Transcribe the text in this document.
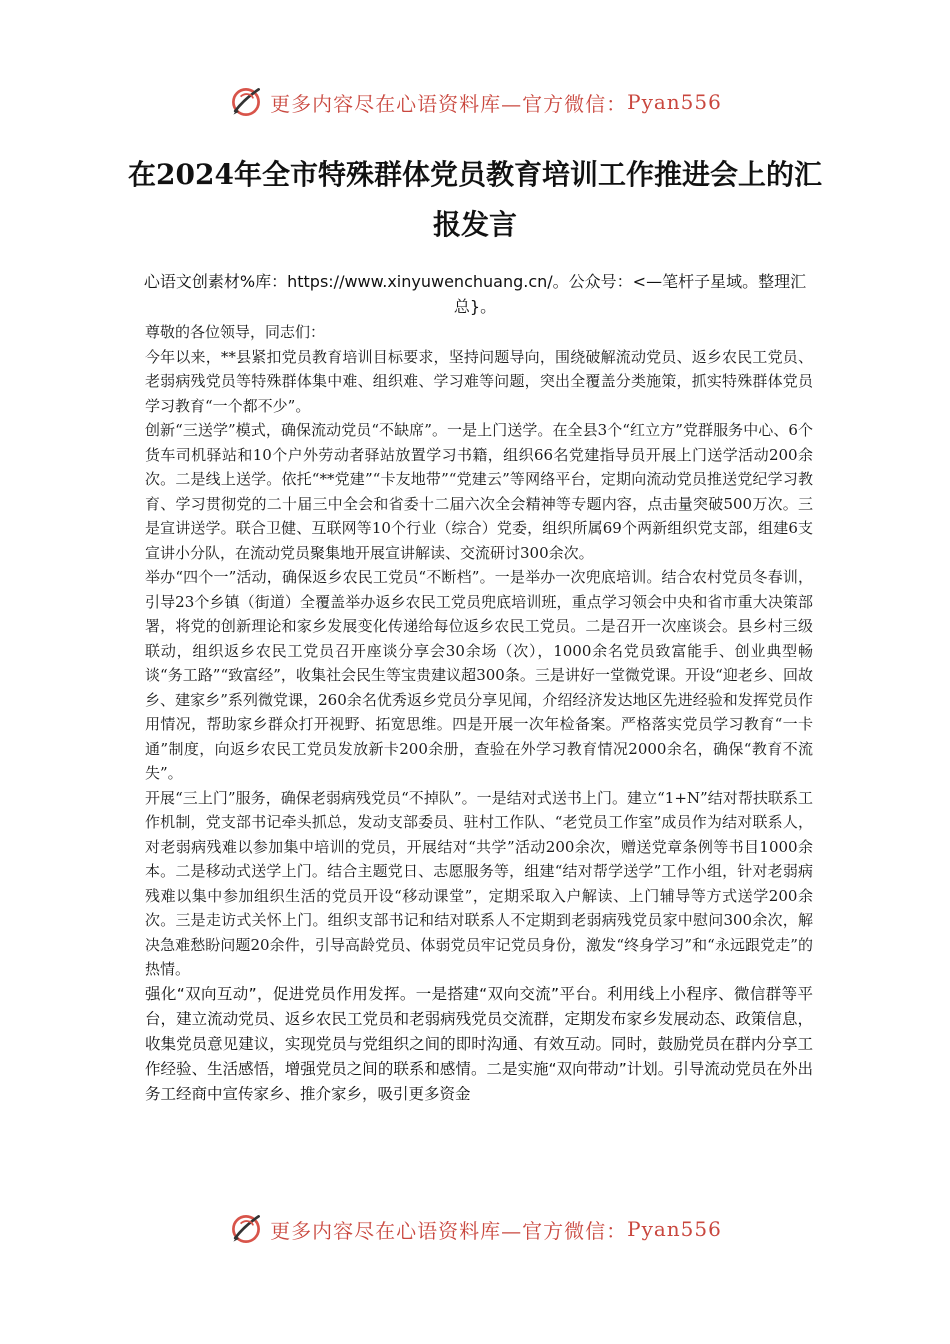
更多内容尽在心语资料库—官方微信： Pyan556
在2024年全市特殊群体党员教育培训工作推进会上的汇报发言
心语文创素材%库：https://www.xinyuwenchuang.cn/。公众号：<—笔杆子星域。整理汇总}。

尊敬的各位领导，同志们：

今年以来，**县紧扣党员教育培训目标要求，坚持问题导向，围绕破解流动党员、返乡农民工党员、老弱病残党员等特殊群体集中难、组织难、学习难等问题，突出全覆盖分类施策，抓实特殊群体党员学习教育“一个都不少”。

创新“三送学”模式，确保流动党员“不缺席”。一是上门送学。在全县3个“红立方”党群服务中心、6个货车司机驿站和10个户外劳动者驿站放置学习书籍，组织66名党建指导员开展上门送学活动200余次。二是线上送学。依托“**党建”“卡友地带”“党建云”等网络平台，定期向流动党员推送党纪学习教育、学习贯彻党的二十届三中全会和省委十二届六次全会精神等专题内容，点击量突破500万次。三是宣讲送学。联合卫健、互联网等10个行业（综合）党委，组织所属69个两新组织党支部，组建6支宣讲小分队，在流动党员聚集地开展宣讲解读、交流研讨300余次。

举办“四个一”活动，确保返乡农民工党员“不断档”。一是举办一次兜底培训。结合农村党员冬春训，引导23个乡镇（街道）全覆盖举办返乡农民工党员兜底培训班，重点学习领会中央和省市重大决策部署，将党的创新理论和家乡发展变化传递给每位返乡农民工党员。二是召开一次座谈会。县乡村三级联动，组织返乡农民工党员召开座谈分享会30余场（次），1000余名党员致富能手、创业典型畅谈“务工路”“致富经”，收集社会民生等宝贵建议超300条。三是讲好一堂微党课。开设“迎老乡、回故乡、建家乡”系列微党课，260余名优秀返乡党员分享见闻，介绍经济发达地区先进经验和发挥党员作用情况，帮助家乡群众打开视野、拓宽思维。四是开展一次年检备案。严格落实党员学习教育“一卡通”制度，向返乡农民工党员发放新卡200余册，查验在外学习教育情况2000余名，确保“教育不流失”。

开展“三上门”服务，确保老弱病残党员“不掉队”。一是结对式送书上门。建立“1+N”结对帮扶联系工作机制，党支部书记牵头抓总，发动支部委员、驻村工作队、“老党员工作室”成员作为结对联系人，对老弱病残难以参加集中培训的党员，开展结对“共学”活动200余次，赠送党章条例等书目1000余本。二是移动式送学上门。结合主题党日、志愿服务等，组建“结对帮学送学”工作小组，针对老弱病残难以集中参加组织生活的党员开设“移动课堂”，定期采取入户解读、上门辅导等方式送学200余次。三是走访式关怀上门。组织支部书记和结对联系人不定期到老弱病残党员家中慰问300余次，解决急难愁盼问题20余件，引导高龄党员、体弱党员牢记党员身份，激发“终身学习”和“永远跟党走”的热情。

强化“双向互动”，促进党员作用发挥。一是搭建“双向交流”平台。利用线上小程序、微信群等平台，建立流动党员、返乡农民工党员和老弱病残党员交流群，定期发布家乡发展动态、政策信息，收集党员意见建议，实现党员与党组织之间的即时沟通、有效互动。同时，鼓励党员在群内分享工作经验、生活感悟，增强党员之间的联系和感情。二是实施“双向带动”计划。引导流动党员在外出务工经商中宣传家乡、推介家乡，吸引更多资金

更多内容尽在心语资料库—官方微信： Pyan556
